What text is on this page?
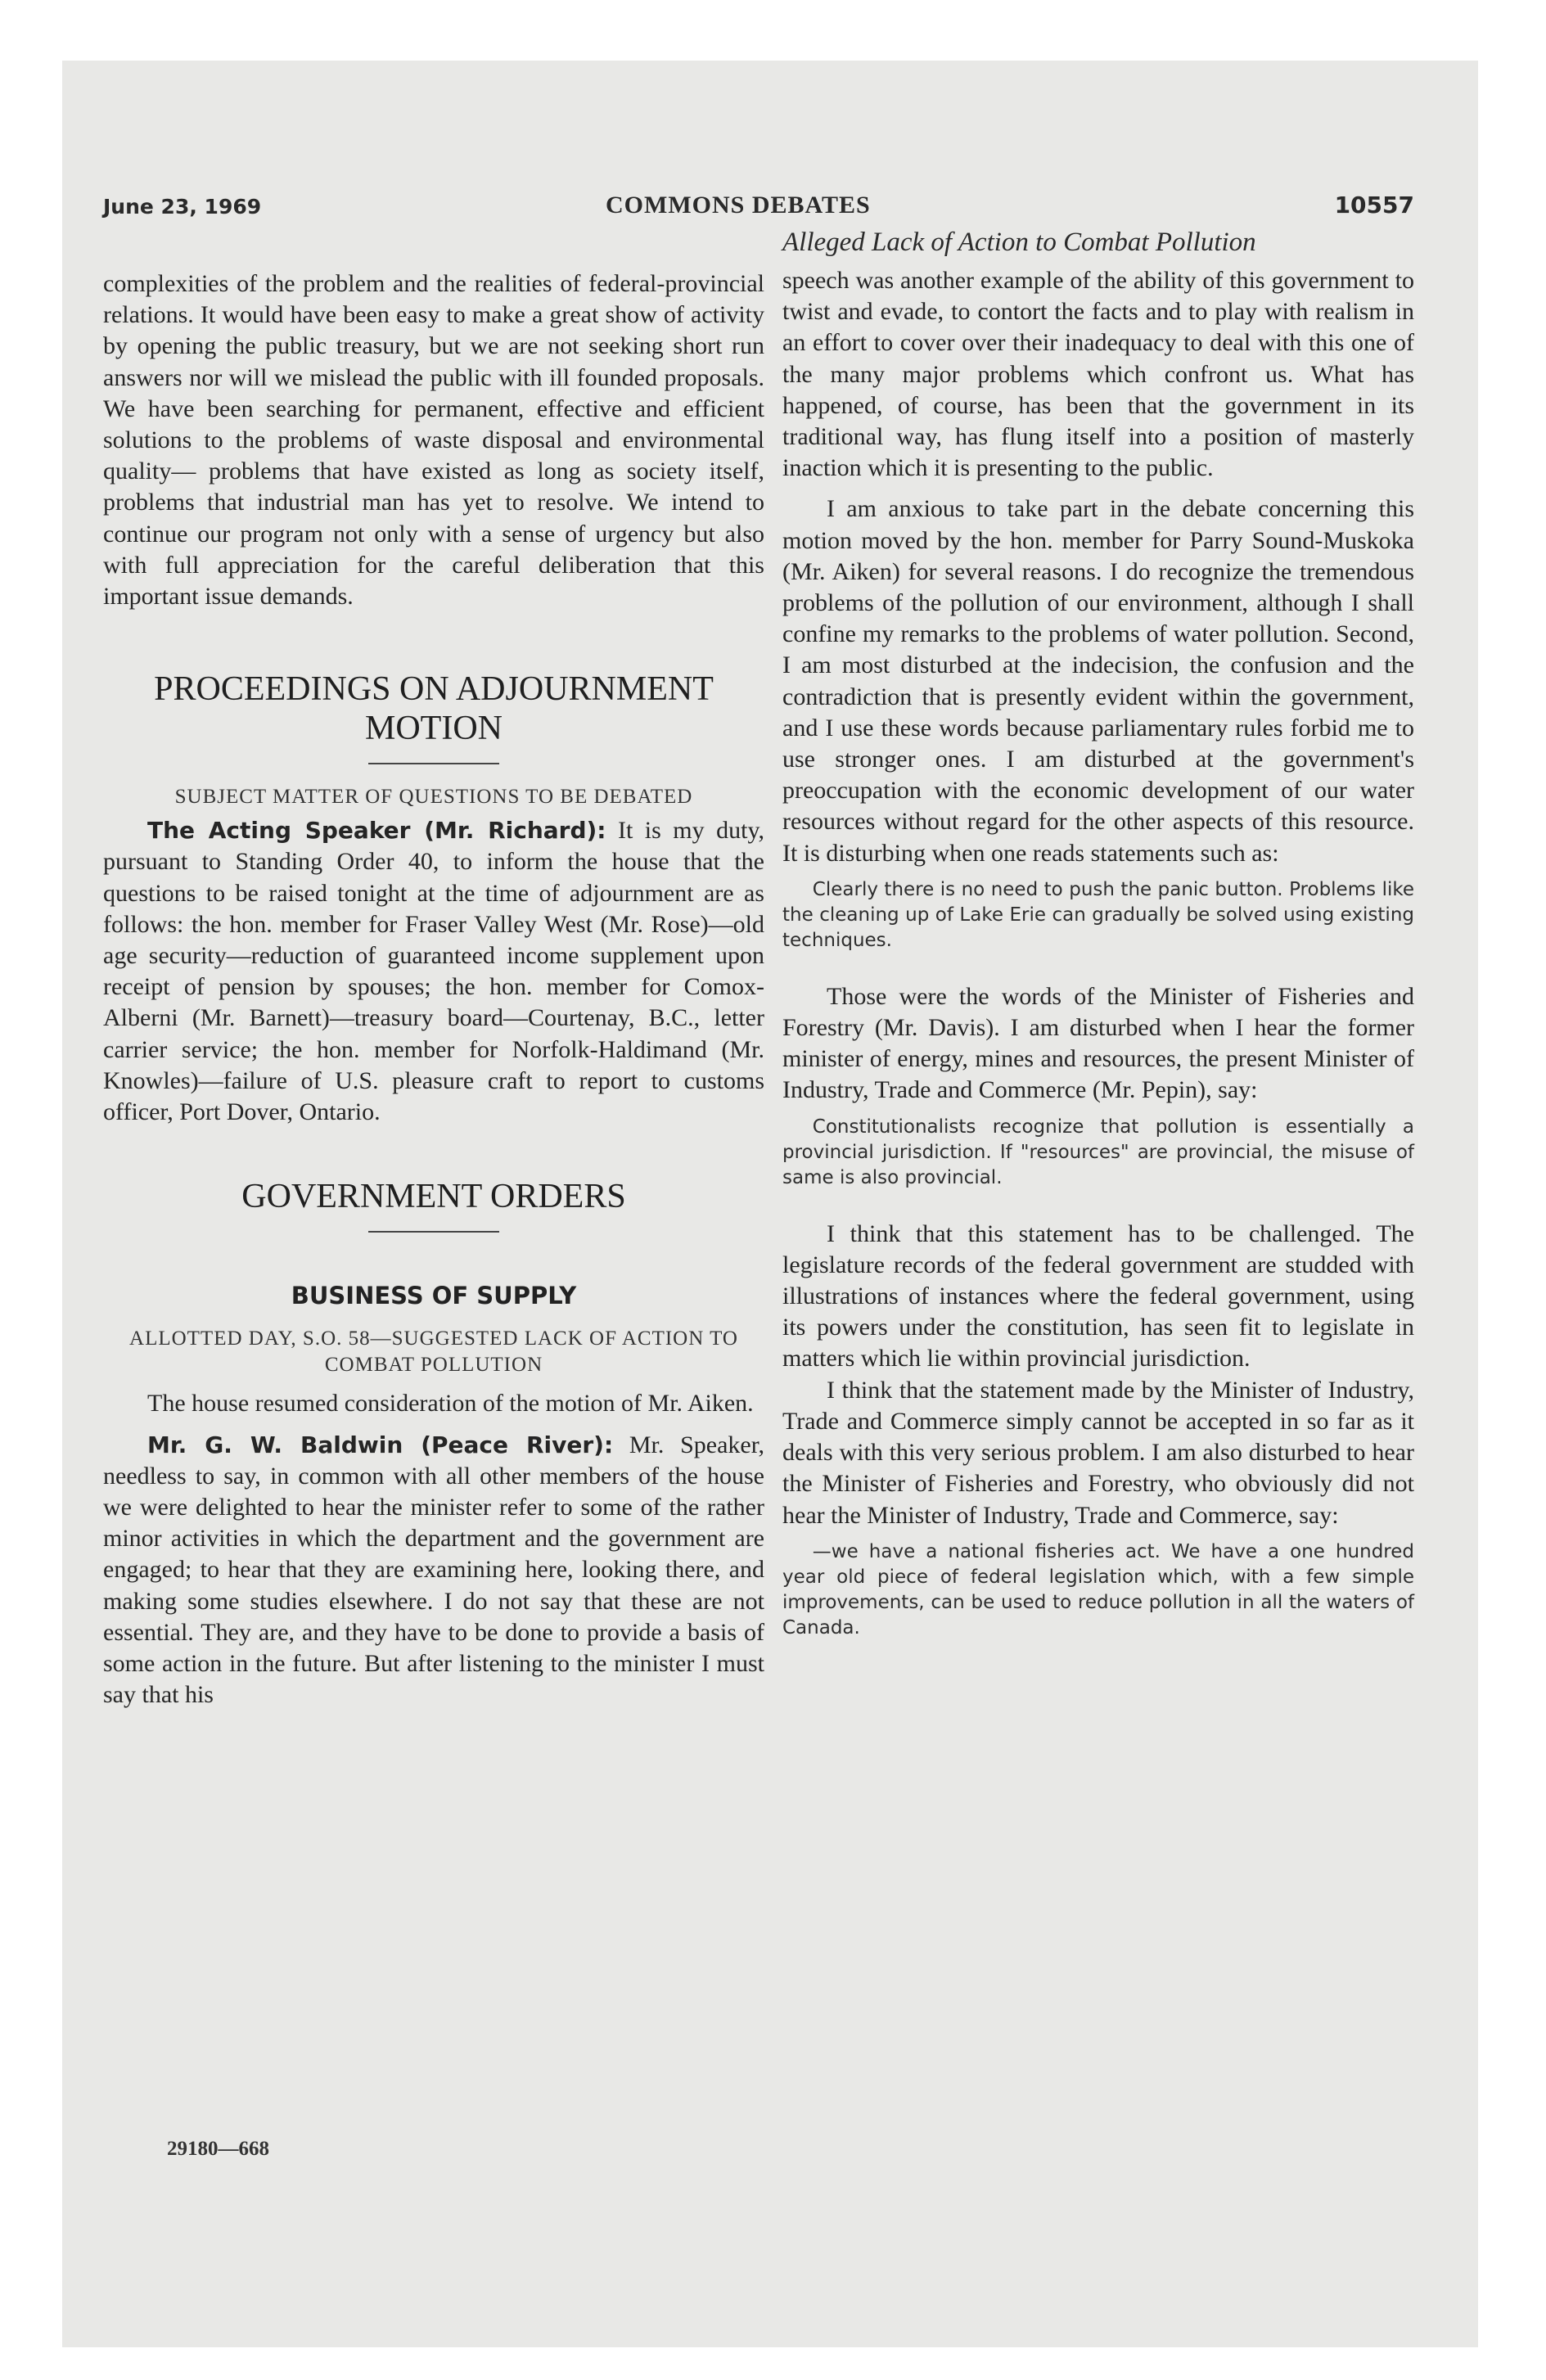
June 23, 1969	COMMONS DEBATES	10557
Alleged Lack of Action to Combat Pollution

complexities of the problem and the realities of federal-provincial relations. It would have been easy to make a great show of activity by opening the public treasury, but we are not seeking short run answers nor will we mislead the public with ill founded proposals. We have been searching for permanent, effective and efficient solutions to the problems of waste disposal and environmental quality— problems that have existed as long as society itself, problems that industrial man has yet to resolve. We intend to continue our program not only with a sense of urgency but also with full appreciation for the careful deliberation that this important issue demands.

PROCEEDINGS ON ADJOURNMENT MOTION
SUBJECT MATTER OF QUESTIONS TO BE DEBATED

The Acting Speaker (Mr. Richard): It is my duty, pursuant to Standing Order 40, to inform the house that the questions to be raised tonight at the time of adjournment are as follows: the hon. member for Fraser Valley West (Mr. Rose)—old age security—reduction of guaranteed income supplement upon receipt of pension by spouses; the hon. member for Comox-Alberni (Mr. Barnett)—treasury board—Courtenay, B.C., letter carrier service; the hon. member for Norfolk-Haldimand (Mr. Knowles)—failure of U.S. pleasure craft to report to customs officer, Port Dover, Ontario.

GOVERNMENT ORDERS
BUSINESS OF SUPPLY
ALLOTTED DAY, S.O. 58—SUGGESTED LACK OF ACTION TO COMBAT POLLUTION

The house resumed consideration of the motion of Mr. Aiken.

Mr. G. W. Baldwin (Peace River): Mr. Speaker, needless to say, in common with all other members of the house we were delighted to hear the minister refer to some of the rather minor activities in which the department and the government are engaged; to hear that they are examining here, looking there, and making some studies elsewhere. I do not say that these are not essential. They are, and they have to be done to provide a basis of some action in the future. But after listening to the minister I must say that his

speech was another example of the ability of this government to twist and evade, to contort the facts and to play with realism in an effort to cover over their inadequacy to deal with this one of the many major problems which confront us. What has happened, of course, has been that the government in its traditional way, has flung itself into a position of masterly inaction which it is presenting to the public.

I am anxious to take part in the debate concerning this motion moved by the hon. member for Parry Sound-Muskoka (Mr. Aiken) for several reasons. I do recognize the tremendous problems of the pollution of our environment, although I shall confine my remarks to the problems of water pollution. Second, I am most disturbed at the indecision, the confusion and the contradiction that is presently evident within the government, and I use these words because parliamentary rules forbid me to use stronger ones. I am disturbed at the government's preoccupation with the economic development of our water resources without regard for the other aspects of this resource. It is disturbing when one reads statements such as:

Clearly there is no need to push the panic button. Problems like the cleaning up of Lake Erie can gradually be solved using existing techniques.

Those were the words of the Minister of Fisheries and Forestry (Mr. Davis). I am disturbed when I hear the former minister of energy, mines and resources, the present Minister of Industry, Trade and Commerce (Mr. Pepin), say:

Constitutionalists recognize that pollution is essentially a provincial jurisdiction. If "resources" are provincial, the misuse of same is also provincial.

I think that this statement has to be challenged. The legislature records of the federal government are studded with illustrations of instances where the federal government, using its powers under the constitution, has seen fit to legislate in matters which lie within provincial jurisdiction.

I think that the statement made by the Minister of Industry, Trade and Commerce simply cannot be accepted in so far as it deals with this very serious problem. I am also disturbed to hear the Minister of Fisheries and Forestry, who obviously did not hear the Minister of Industry, Trade and Commerce, say:

—we have a national fisheries act. We have a one hundred year old piece of federal legislation which, with a few simple improvements, can be used to reduce pollution in all the waters of Canada.
29180—668
